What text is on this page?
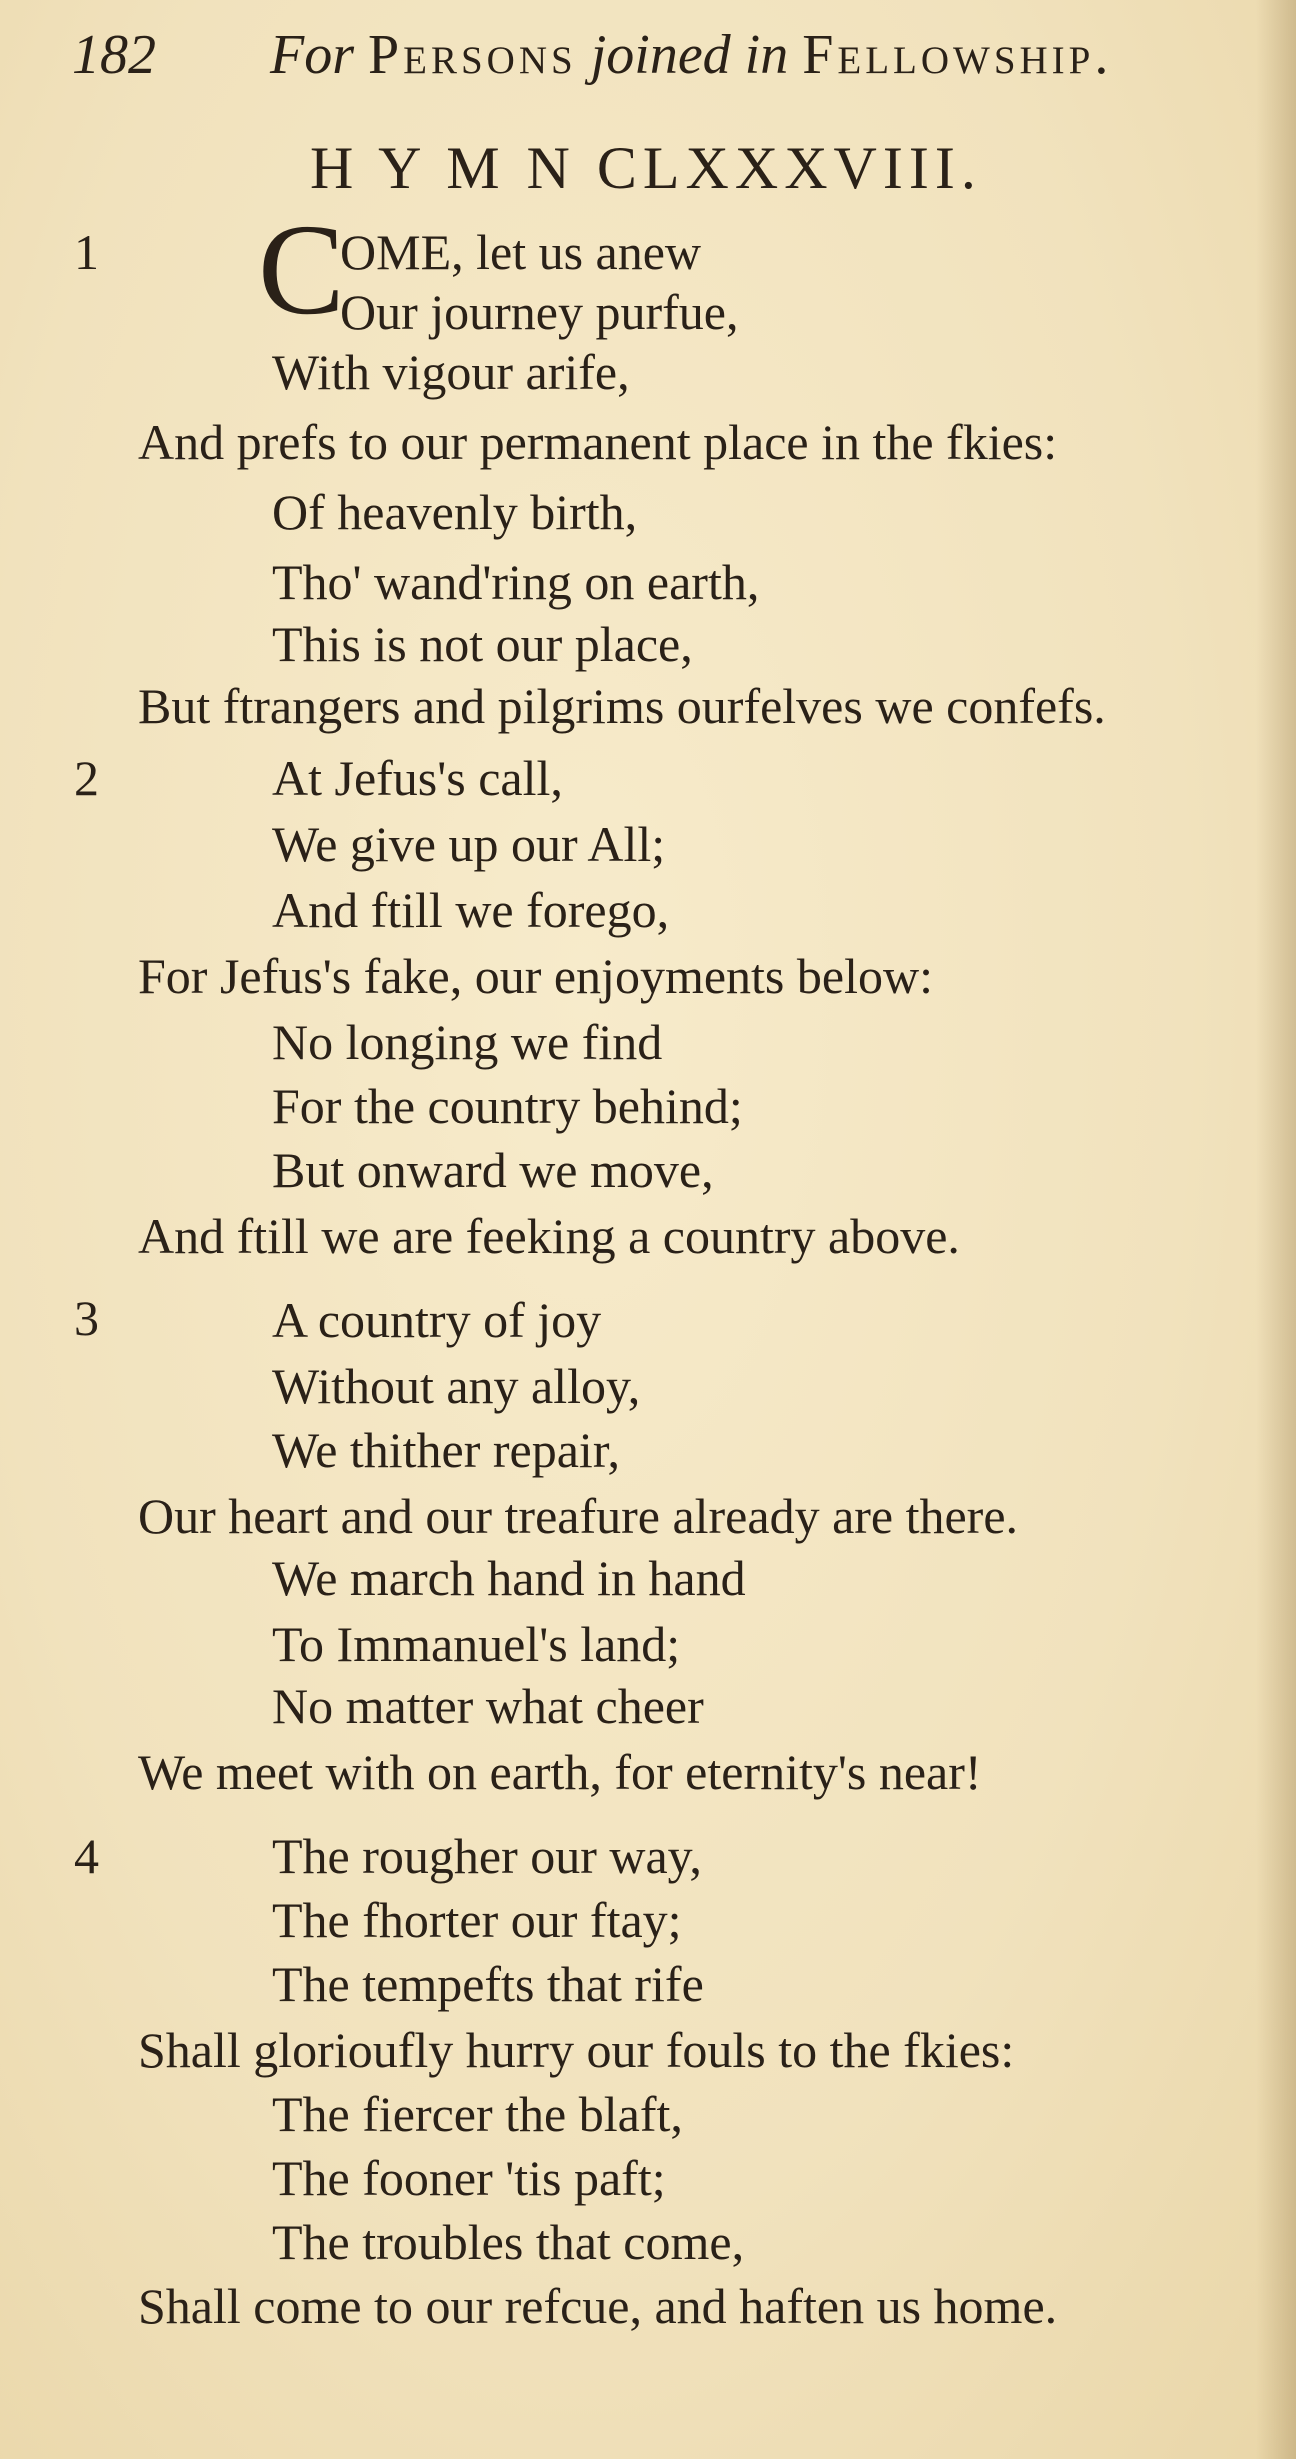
182 For Persons joined in Fellowship.
H Y M N CLXXXVIII.
C
1	OME, let us anew
Our journey purfue,
With vigour arife,
And prefs to our permanent place in the fkies:
Of heavenly birth,
Tho' wand'ring on earth,
This is not our place,
But ftrangers and pilgrims ourfelves we confefs.
2	At Jefus's call,
We give up our All;
And ftill we forego,
For Jefus's fake, our enjoyments below:
No longing we find
For the country behind;
But onward we move,
And ftill we are feeking a country above.
3	A country of joy
Without any alloy,
We thither repair,
Our heart and our treafure already are there.
We march hand in hand
To Immanuel's land;
No matter what cheer
We meet with on earth, for eternity's near!
4	The rougher our way,
The fhorter our ftay;
The tempefts that rife
Shall glorioufly hurry our fouls to the fkies:
The fiercer the blaft,
The fooner 'tis paft;
The troubles that come,
Shall come to our refcue, and haften us home.
